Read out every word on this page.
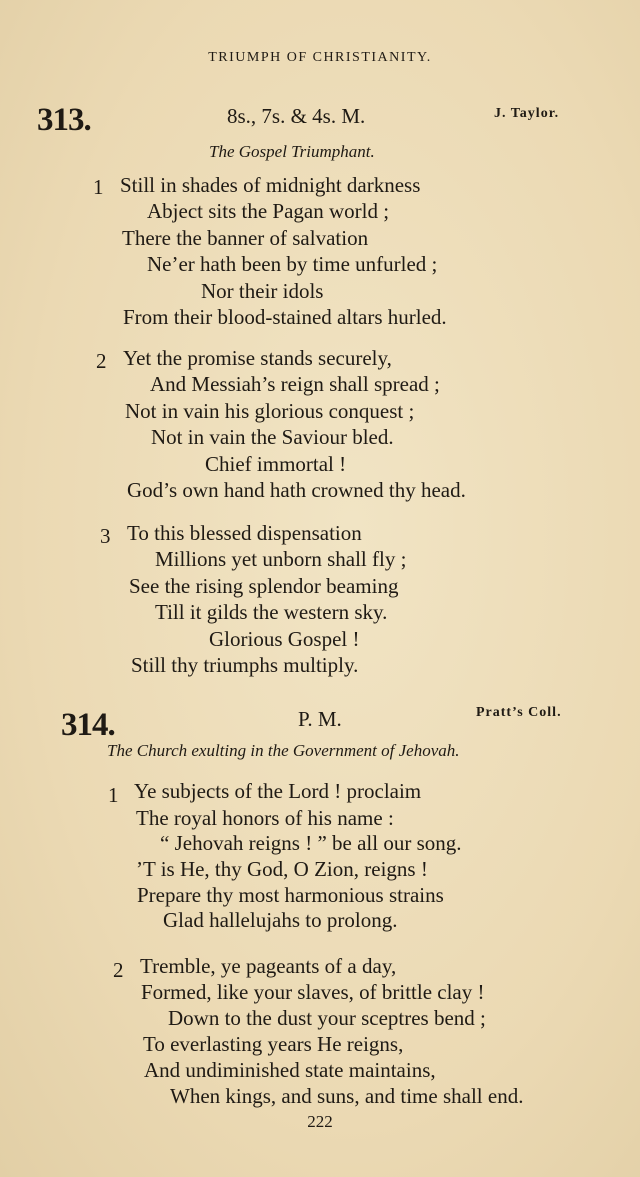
TRIUMPH OF CHRISTIANITY.
313.	8s., 7s. & 4s. M.	J. Taylor.
The Gospel Triumphant.
1 Still in shades of midnight darkness
Abject sits the Pagan world ;
There the banner of salvation
Ne’er hath been by time unfurled ;
Nor their idols
From their blood-stained altars hurled.
2 Yet the promise stands securely,
And Messiah’s reign shall spread ;
Not in vain his glorious conquest ;
Not in vain the Saviour bled.
Chief immortal !
God’s own hand hath crowned thy head.
3 To this blessed dispensation
Millions yet unborn shall fly ;
See the rising splendor beaming
Till it gilds the western sky.
Glorious Gospel !
Still thy triumphs multiply.
314.	P. M.	Pratt’s Coll.
The Church exulting in the Government of Jehovah.
1 Ye subjects of the Lord ! proclaim
The royal honors of his name :
“ Jehovah reigns ! ” be all our song.
’T is He, thy God, O Zion, reigns !
Prepare thy most harmonious strains
Glad hallelujahs to prolong.
2 Tremble, ye pageants of a day,
Formed, like your slaves, of brittle clay !
Down to the dust your sceptres bend ;
To everlasting years He reigns,
And undiminished state maintains,
When kings, and suns, and time shall end.
222
